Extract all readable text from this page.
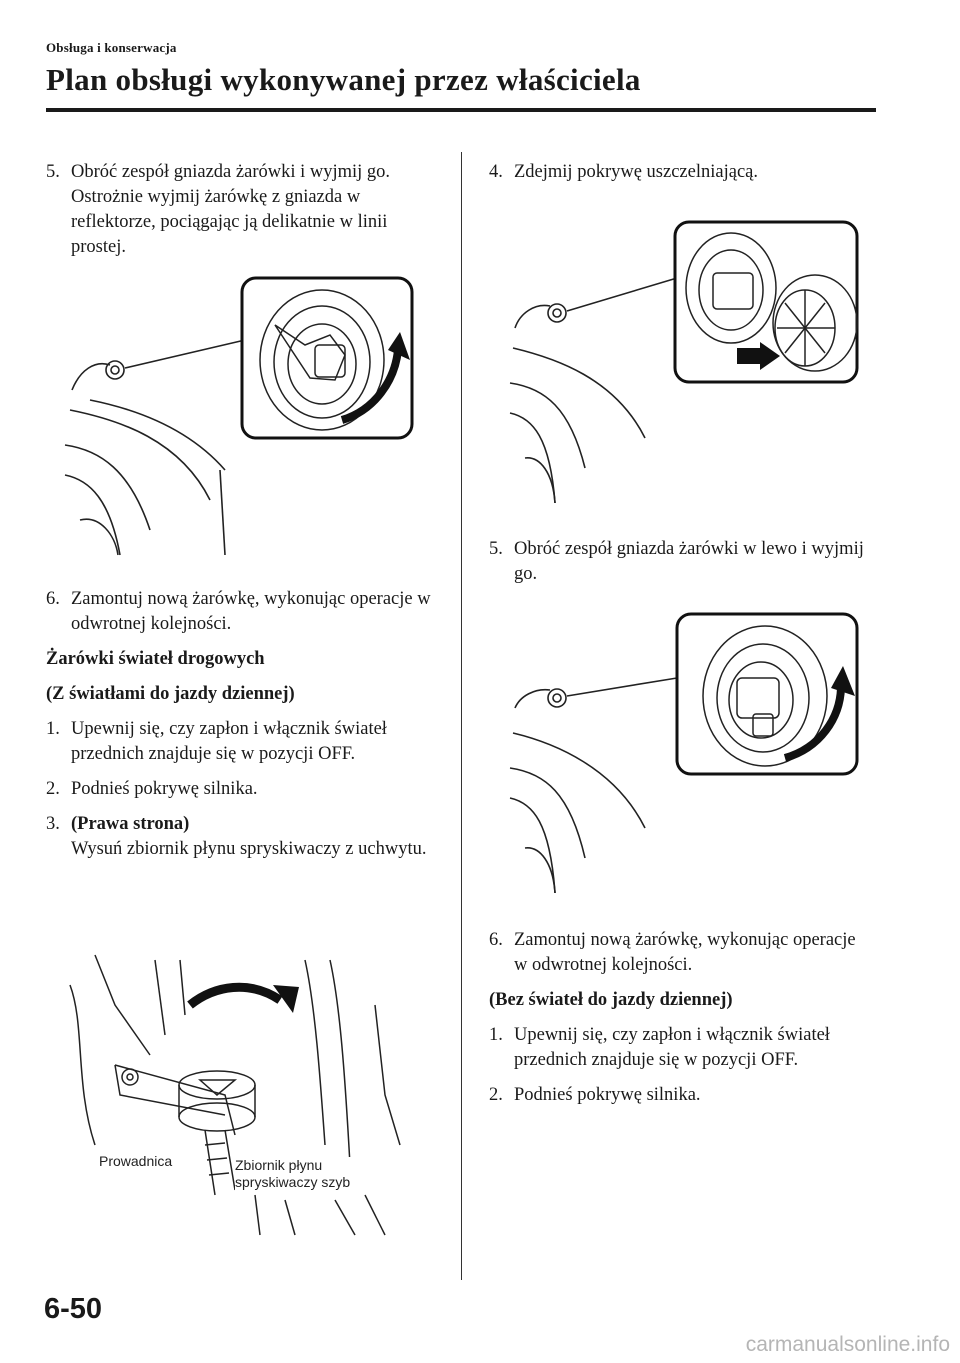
Obsługa i konserwacja
Plan obsługi wykonywanej przez właściciela
5. Obróć zespół gniazda żarówki i wyjmij go. Ostrożnie wyjmij żarówkę z gniazda w reflektorze, pociągając ją delikatnie w linii prostej.
6. Zamontuj nową żarówkę, wykonując operacje w odwrotnej kolejności.
Żarówki świateł drogowych
(Z światłami do jazdy dziennej)
1. Upewnij się, czy zapłon i włącznik świateł przednich znajduje się w pozycji OFF.
2. Podnieś pokrywę silnika.
3. (Prawa strona)
Wysuń zbiornik płynu spryskiwaczy z uchwytu.
Prowadnica	Zbiornik płynu spryskiwaczy szyb
4. Zdejmij pokrywę uszczelniającą.
5. Obróć zespół gniazda żarówki w lewo i wyjmij go.
6. Zamontuj nową żarówkę, wykonując operacje w odwrotnej kolejności.
(Bez świateł do jazdy dziennej)
1. Upewnij się, czy zapłon i włącznik świateł przednich znajduje się w pozycji OFF.
2. Podnieś pokrywę silnika.
6-50
carmanualsonline.info
